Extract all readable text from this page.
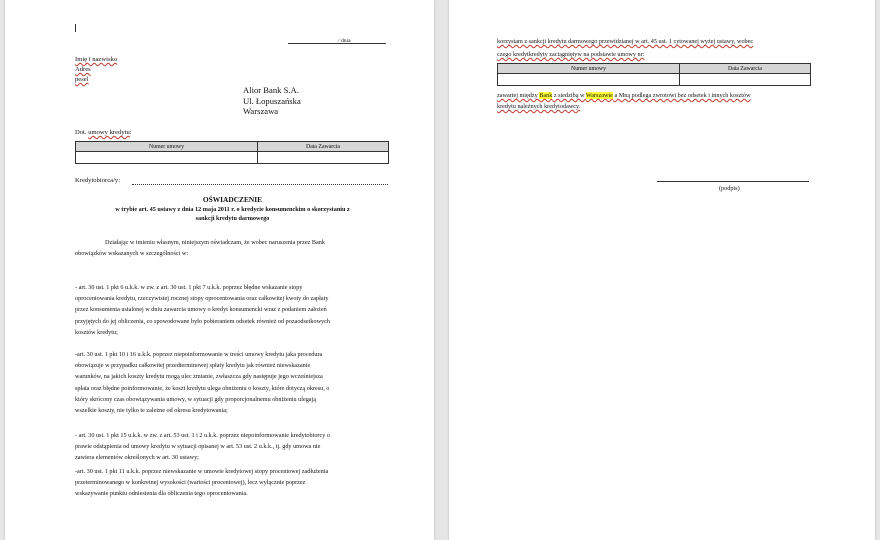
/ dnia
Imię i nazwisko
Adres
pesel
Alior Bank S.A.
Ul. Łopuszańska
Warszawa
Dot. umowy kredytu:
Numer umowy	Data Zawarcia

Kredytobiorca/y:
OŚWIADCZENIE
w trybie art. 45 ustawy z dnia 12 maja 2011 r. o kredycie konsumenckim o skorzystaniu z
sankcji kredytu darmowego
Działając w imieniu własnym, niniejszym oświadczam, że wobec naruszenia przez Bank
obowiązków wskazanych w szczególności w:
- art. 30 ust. 1 pkt 6 u.k.k. w zw. z art. 30 ust. 1 pkt 7 u.k.k. poprzez błędne wskazanie stopy
oprocentowania kredytu, rzeczywistej rocznej stopy oprocentowania oraz całkowitej kwoty do zapłaty
przez konsumenta ustalonej w dniu zawarcia umowy o kredyt konsumencki wraz z podaniem założeń
przyjętych do jej obliczenia, co spowodowane było pobieraniem odsetek również od pozaodsetkowych
kosztów kredytu;
-art. 30 ust. 1 pkt 10 i 16 u.k.k. poprzez niepoinformowanie w treści umowy kredytu jaka procedura
obowiązuje w przypadku całkowitej przedterminowej spłaty kredytu jak również niewskazanie
warunków, na jakich koszty kredytu mogą ulec zmianie, zwłaszcza gdy następuje jego wcześniejsza
spłata oraz błędne poinformowanie, że koszt kredytu ulega obniżeniu o koszty, które dotyczą okresu, o
który skrócony czas obowiązywania umowy, w sytuacji gdy proporcjonalnemu obniżeniu ulegają
wszelkie koszty, nie tylko te zależne od okresu kredytowania;
- art. 30 ust. 1 pkt 15 u.k.k. w zw. z art. 53 ust. 1 i 2 u.k.k. poprzez niepoinformowanie kredytobiorcy o
prawie odstąpienia od umowy kredytu w sytuacji opisanej w art. 53 ust. 2 u.k.k., tj. gdy umowa nie
zawiera elementów określonych w art. 30 ustawy;
-art. 30 ust. 1 pkt 11 u.k.k. poprzez niewskazanie w umowie kredytowej stopy procentowej zadłużenia
przeterminowanego w konkretnej wysokości (wartości procentowej), lecz wyłącznie poprzez
wskazywanie punktu odniesienia dla obliczenia tego oprocentowania.
korzystam z sankcji kredytu darmowego przewidzianej w art. 45 ust. 1 cytowanej wyżej ustawy, wobec
czego kredytkredyty zaciągniętyw na podstawie umowy nr:
Numer umowy	Data Zawarcia

zawartej między Bank z siedzibą w Warszawie a Mną podlega zwrotowi bez odsetek i innych kosztów
kredytu należnych kredytodawcy.
(podpis)
